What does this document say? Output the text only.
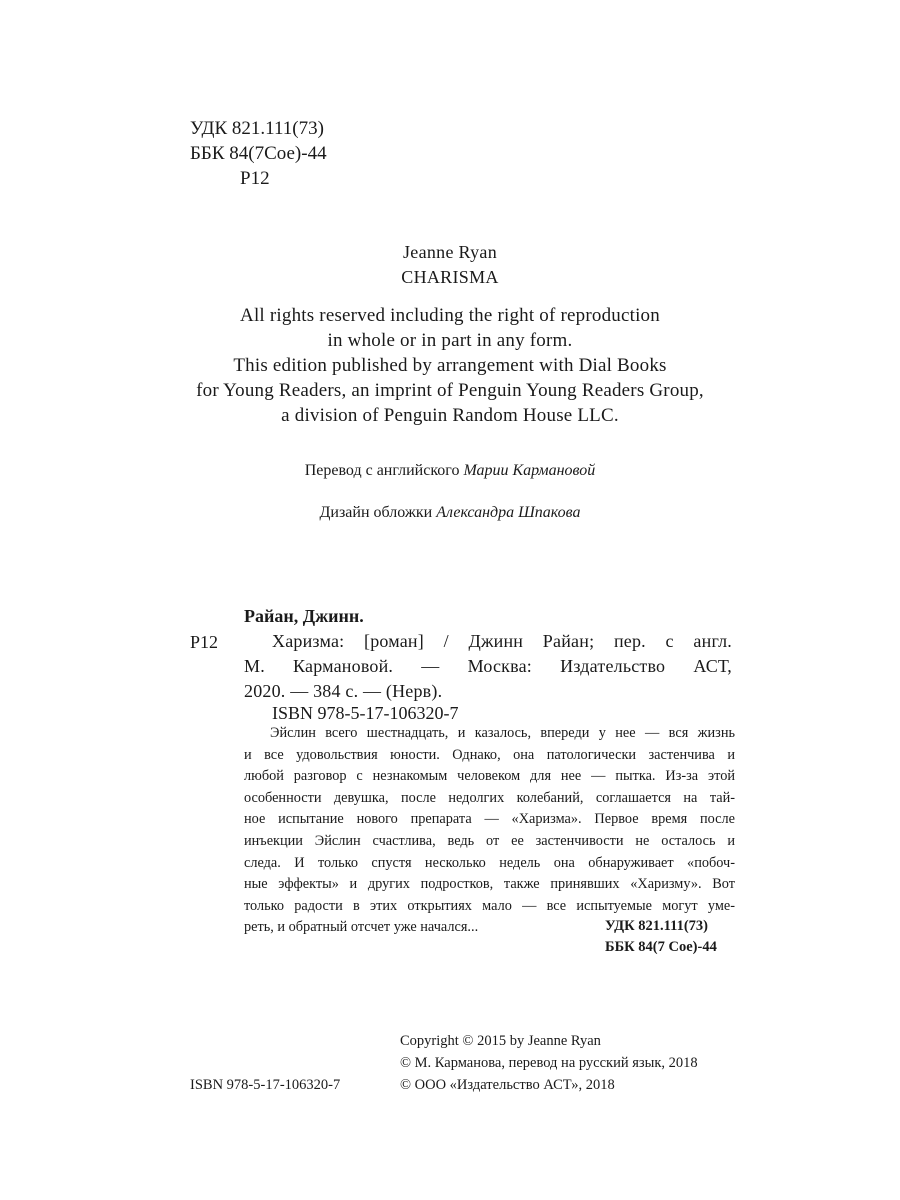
УДК 821.111(73)
ББК 84(7Сое)-44
Р12
Jeanne Ryan
CHARISMA
All rights reserved including the right of reproduction
in whole or in part in any form.
This edition published by arrangement with Dial Books
for Young Readers, an imprint of Penguin Young Readers Group,
a division of Penguin Random House LLC.
Перевод с английского Марии Кармановой
Дизайн обложки Александра Шпакова
Райан, Джинн.
Р12	Харизма: [роман] / Джинн Райан; пер. с англ.
М. Кармановой. — Москва: Издательство АСТ,
2020. — 384 с. — (Нерв).
ISBN 978-5-17-106320-7
Эйслин всего шестнадцать, и казалось, впереди у нее — вся жизнь
и все удовольствия юности. Однако, она патологически застенчива и
любой разговор с незнакомым человеком для нее — пытка. Из-за этой
особенности девушка, после недолгих колебаний, соглашается на тай-
ное испытание нового препарата — «Харизма». Первое время после
инъекции Эйслин счастлива, ведь от ее застенчивости не осталось и
следа. И только спустя несколько недель она обнаруживает «побоч-
ные эффекты» и других подростков, также принявших «Харизму». Вот
только радости в этих открытиях мало — все испытуемые могут уме-
реть, и обратный отсчет уже начался...	УДК 821.111(73)
ББК 84(7 Сое)-44
Copyright © 2015 by Jeanne Ryan
© М. Карманова, перевод на русский язык, 2018
© ООО «Издательство АСТ», 2018
ISBN 978-5-17-106320-7
